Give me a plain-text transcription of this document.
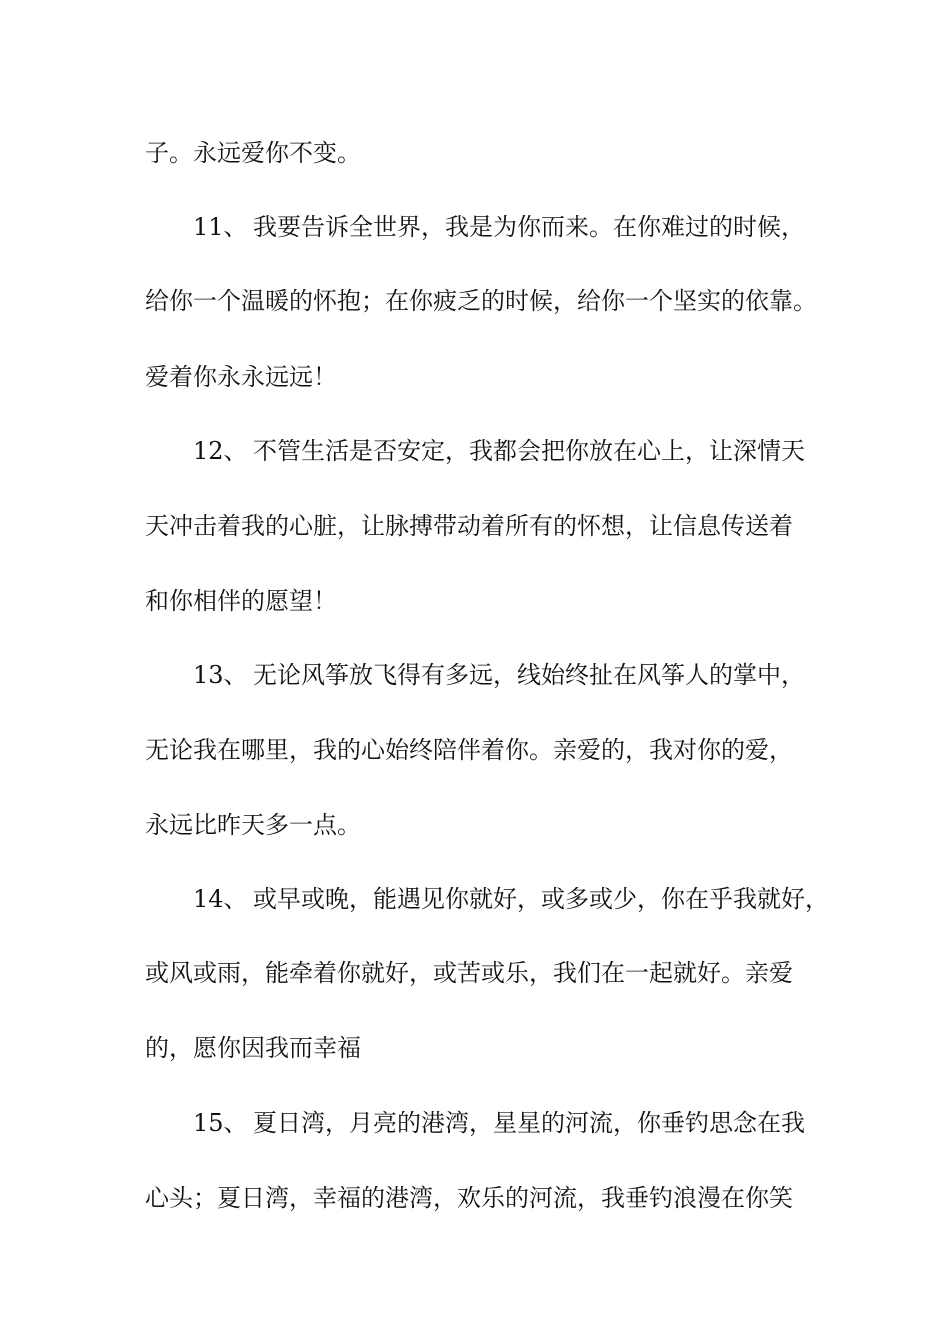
子。永远爱你不变。
11、 我要告诉全世界，我是为你而来。在你难过的时候，
给你一个温暖的怀抱；在你疲乏的时候，给你一个坚实的依靠。
爱着你永永远远！
12、 不管生活是否安定，我都会把你放在心上，让深情天
天冲击着我的心脏，让脉搏带动着所有的怀想，让信息传送着
和你相伴的愿望！
13、 无论风筝放飞得有多远，线始终扯在风筝人的掌中，
无论我在哪里，我的心始终陪伴着你。亲爱的，我对你的爱，
永远比昨天多一点。
14、 或早或晚，能遇见你就好，或多或少，你在乎我就好，
或风或雨，能牵着你就好，或苦或乐，我们在一起就好。亲爱
的，愿你因我而幸福
15、 夏日湾，月亮的港湾，星星的河流，你垂钓思念在我
心头；夏日湾，幸福的港湾，欢乐的河流，我垂钓浪漫在你笑
